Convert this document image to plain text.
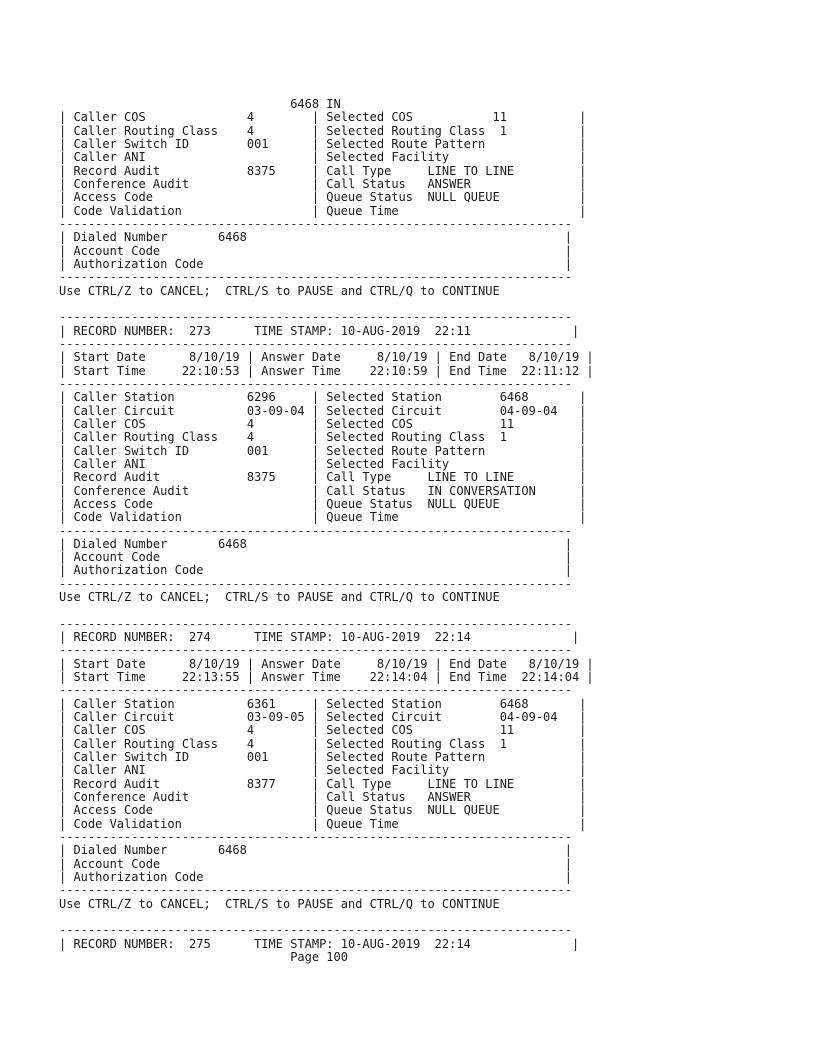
6468 IN
| Caller COS              4        | Selected COS           11          |
| Caller Routing Class    4        | Selected Routing Class  1          |
| Caller Switch ID        001      | Selected Route Pattern             |
| Caller ANI                       | Selected Facility                  |
| Record Audit            8375     | Call Type     LINE TO LINE         |
| Conference Audit                 | Call Status   ANSWER               |
| Access Code                      | Queue Status  NULL QUEUE           |
| Code Validation                  | Queue Time                         |
-----------------------------------------------------------------------
| Dialed Number       6468                                            |
| Account Code                                                        |
| Authorization Code                                                  |
-----------------------------------------------------------------------
Use CTRL/Z to CANCEL;  CTRL/S to PAUSE and CTRL/Q to CONTINUE
-----------------------------------------------------------------------
| RECORD NUMBER:  273      TIME STAMP: 10-AUG-2019  22:11              |
-----------------------------------------------------------------------
| Start Date      8/10/19 | Answer Date     8/10/19 | End Date   8/10/19 |
| Start Time     22:10:53 | Answer Time    22:10:59 | End Time  22:11:12 |
-----------------------------------------------------------------------
| Caller Station          6296     | Selected Station        6468       |
| Caller Circuit          03-09-04 | Selected Circuit        04-09-04   |
| Caller COS              4        | Selected COS            11         |
| Caller Routing Class    4        | Selected Routing Class  1          |
| Caller Switch ID        001      | Selected Route Pattern             |
| Caller ANI                       | Selected Facility                  |
| Record Audit            8375     | Call Type     LINE TO LINE         |
| Conference Audit                 | Call Status   IN CONVERSATION      |
| Access Code                      | Queue Status  NULL QUEUE           |
| Code Validation                  | Queue Time                         |
-----------------------------------------------------------------------
| Dialed Number       6468                                            |
| Account Code                                                        |
| Authorization Code                                                  |
-----------------------------------------------------------------------
Use CTRL/Z to CANCEL;  CTRL/S to PAUSE and CTRL/Q to CONTINUE
-----------------------------------------------------------------------
| RECORD NUMBER:  274      TIME STAMP: 10-AUG-2019  22:14              |
-----------------------------------------------------------------------
| Start Date      8/10/19 | Answer Date     8/10/19 | End Date   8/10/19 |
| Start Time     22:13:55 | Answer Time    22:14:04 | End Time  22:14:04 |
-----------------------------------------------------------------------
| Caller Station          6361     | Selected Station        6468       |
| Caller Circuit          03-09-05 | Selected Circuit        04-09-04   |
| Caller COS              4        | Selected COS            11         |
| Caller Routing Class    4        | Selected Routing Class  1          |
| Caller Switch ID        001      | Selected Route Pattern             |
| Caller ANI                       | Selected Facility                  |
| Record Audit            8377     | Call Type     LINE TO LINE         |
| Conference Audit                 | Call Status   ANSWER               |
| Access Code                      | Queue Status  NULL QUEUE           |
| Code Validation                  | Queue Time                         |
-----------------------------------------------------------------------
| Dialed Number       6468                                            |
| Account Code                                                        |
| Authorization Code                                                  |
-----------------------------------------------------------------------
Use CTRL/Z to CANCEL;  CTRL/S to PAUSE and CTRL/Q to CONTINUE
-----------------------------------------------------------------------
| RECORD NUMBER:  275      TIME STAMP: 10-AUG-2019  22:14              |
Page 100
